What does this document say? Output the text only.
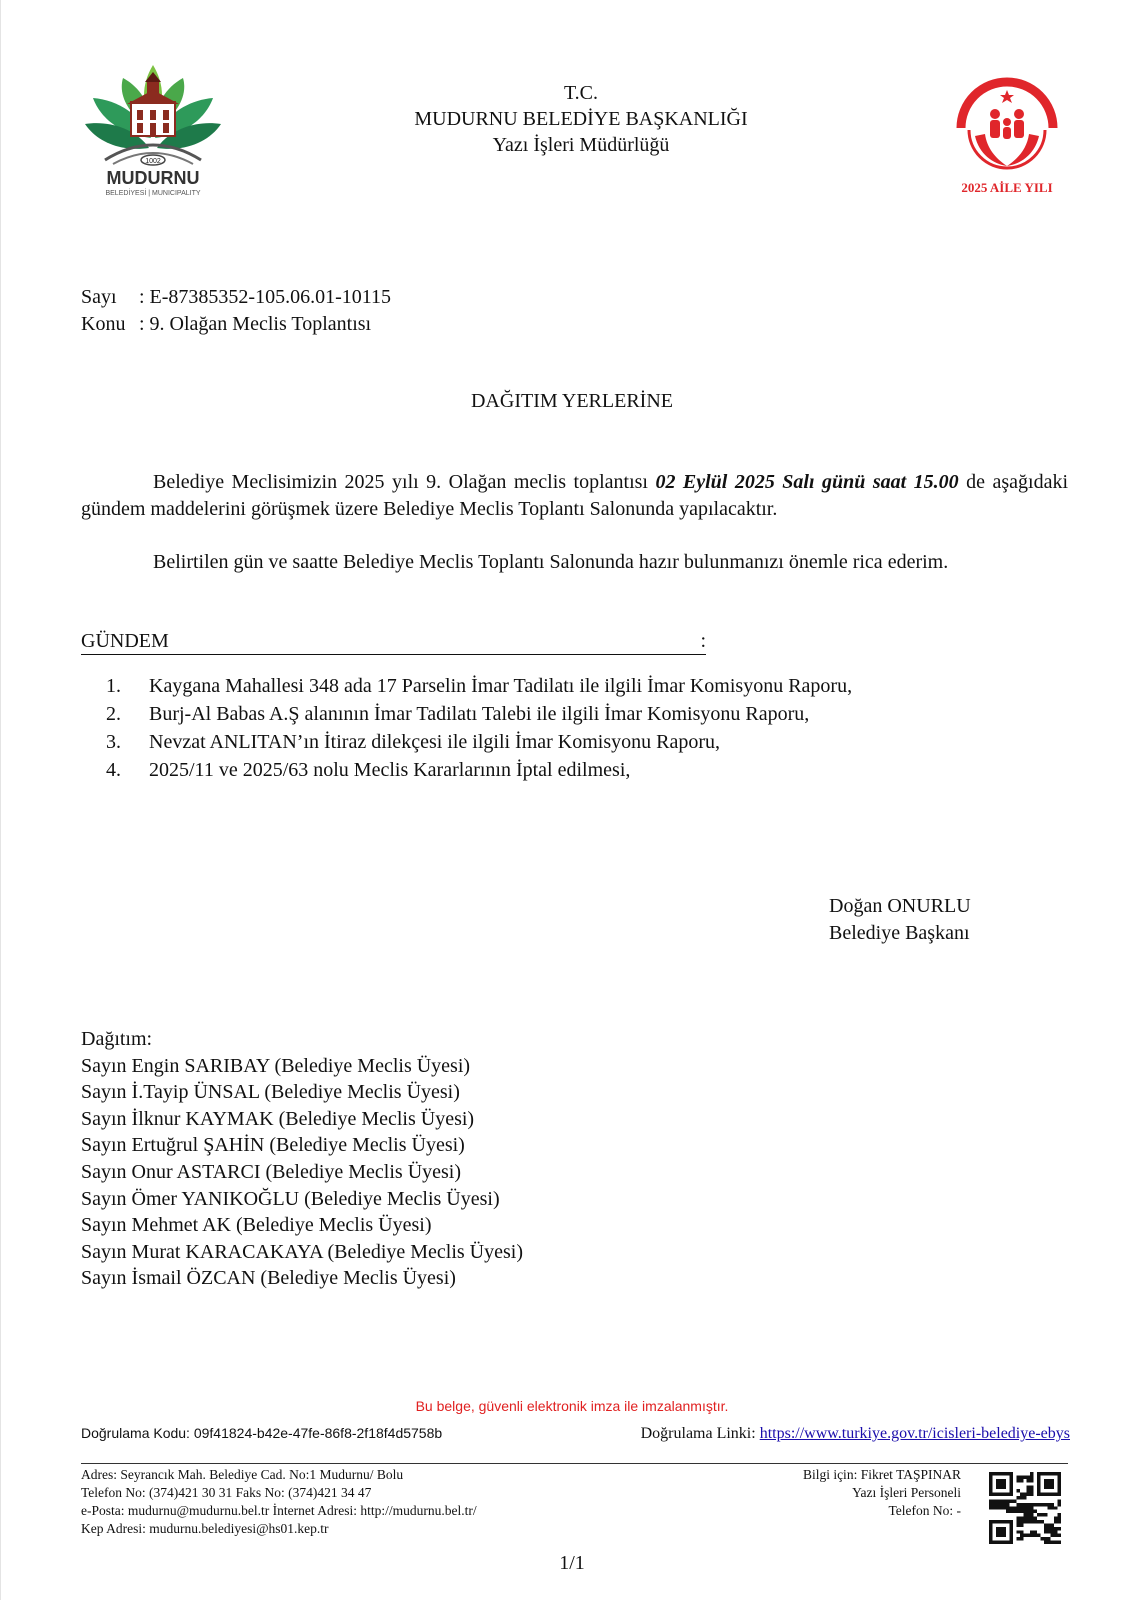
1002
MUDURNU
BELEDİYESİ | MUNICIPALITY
T.C.
MUDURNU BELEDİYE BAŞKANLIĞI
Yazı İşleri Müdürlüğü
2025 AİLE YILI
Sayı : E-87385352-105.06.01-10115
Konu : 9. Olağan Meclis Toplantısı
DAĞITIM YERLERİNE
Belediye Meclisimizin 2025 yılı 9. Olağan meclis toplantısı 02 Eylül 2025 Salı günü saat 15.00 de aşağıdaki gündem maddelerini görüşmek üzere Belediye Meclis Toplantı Salonunda yapılacaktır.
Belirtilen gün ve saatte Belediye Meclis Toplantı Salonunda hazır bulunmanızı önemle rica ederim.
GÜNDEM	:
1.	Kaygana Mahallesi 348 ada 17 Parselin İmar Tadilatı ile ilgili İmar Komisyonu Raporu,
2.	Burj-Al Babas A.Ş alanının İmar Tadilatı Talebi ile ilgili İmar Komisyonu Raporu,
3.	Nevzat ANLITAN’ın İtiraz dilekçesi ile ilgili İmar Komisyonu Raporu,
4.	2025/11 ve 2025/63 nolu Meclis Kararlarının İptal edilmesi,
Doğan ONURLU
Belediye Başkanı
Dağıtım:
Sayın Engin SARIBAY (Belediye Meclis Üyesi)
Sayın İ.Tayip ÜNSAL (Belediye Meclis Üyesi)
Sayın İlknur KAYMAK (Belediye Meclis Üyesi)
Sayın Ertuğrul ŞAHİN (Belediye Meclis Üyesi)
Sayın Onur ASTARCI (Belediye Meclis Üyesi)
Sayın Ömer YANIKOĞLU (Belediye Meclis Üyesi)
Sayın Mehmet AK (Belediye Meclis Üyesi)
Sayın Murat KARACAKAYA (Belediye Meclis Üyesi)
Sayın İsmail ÖZCAN (Belediye Meclis Üyesi)
Bu belge, güvenli elektronik imza ile imzalanmıştır.
Doğrulama Kodu: 09f41824-b42e-47fe-86f8-2f18f4d5758b	Doğrulama Linki: https://www.turkiye.gov.tr/icisleri-belediye-ebys
Adres: Seyrancık Mah. Belediye Cad. No:1 Mudurnu/ Bolu
Telefon No: (374)421 30 31 Faks No: (374)421 34 47
e-Posta: mudurnu@mudurnu.bel.tr İnternet Adresi: http://mudurnu.bel.tr/
Kep Adresi: mudurnu.belediyesi@hs01.kep.tr
Bilgi için: Fikret TAŞPINAR
Yazı İşleri Personeli
Telefon No: -
1/1
